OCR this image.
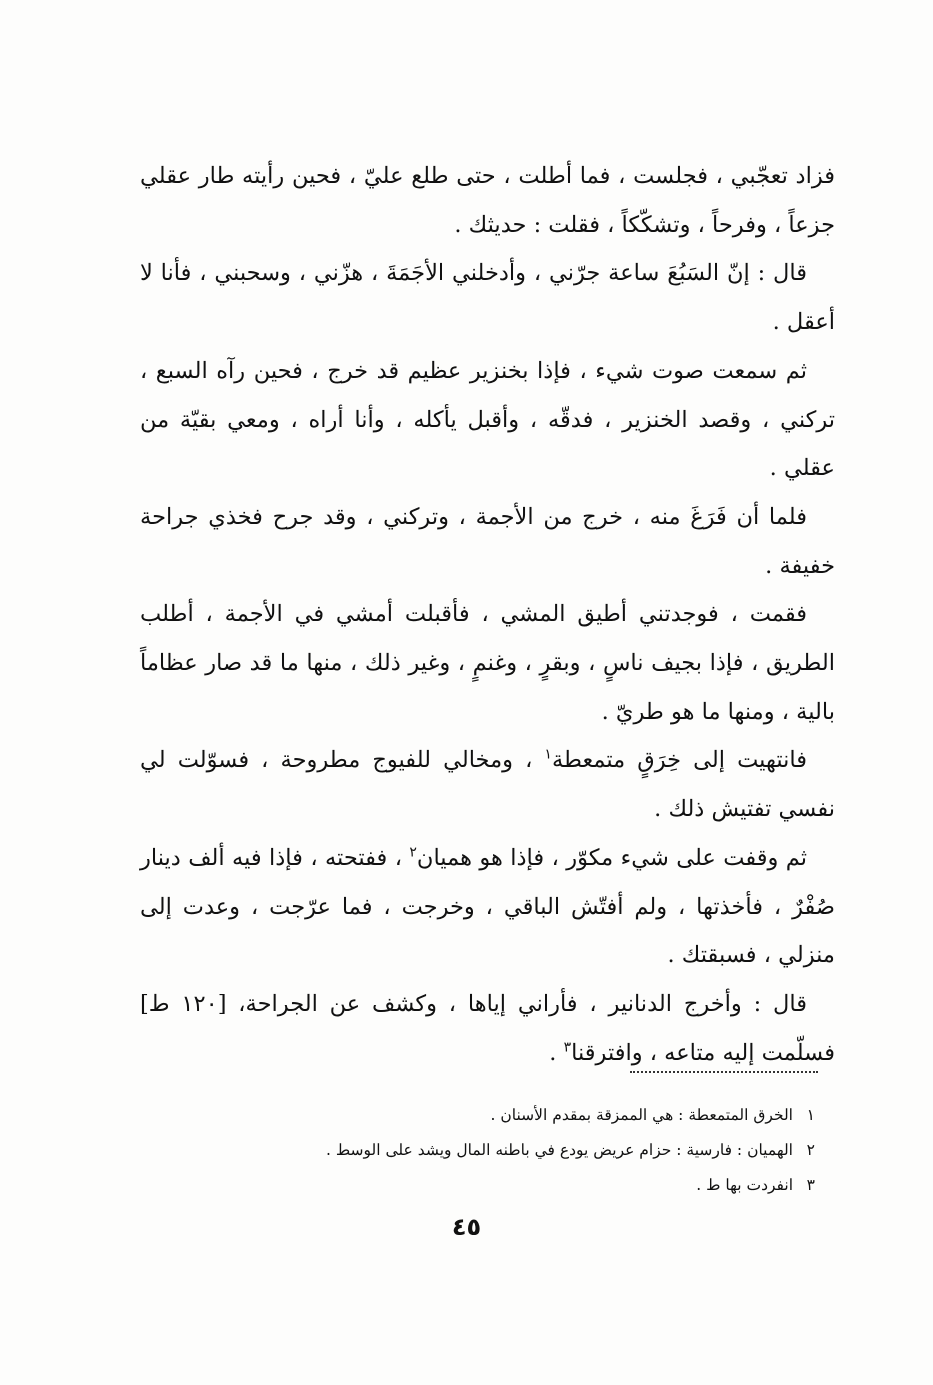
فزاد تعجّبي ، فجلست ، فما أطلت ، حتى طلع عليّ ، فحين رأيته طار عقلي جزعاً ، وفرحاً ، وتشكّكاً ، فقلت : حديثك .

قال : إنّ السَبُعَ ساعة جرّني ، وأدخلني الأجَمَةَ ، هزّني ، وسحبني ، فأنا لا أعقل .

ثم سمعت صوت شيء ، فإذا بخنزير عظيم قد خرج ، فحين رآه السبع ، تركني ، وقصد الخنزير ، فدقّه ، وأقبل يأكله ، وأنا أراه ، ومعي بقيّة من عقلي .

فلما أن فَرَغَ منه ، خرج من الأجمة ، وتركني ، وقد جرح فخذي جراحة خفيفة .

فقمت ، فوجدتني أطيق المشي ، فأقبلت أمشي في الأجمة ، أطلب الطريق ، فإذا بجيف ناسٍ ، وبقرٍ ، وغنمٍ ، وغير ذلك ، منها ما قد صار عظاماً بالية ، ومنها ما هو طريّ .

فانتهيت إلى خِرَقٍ متمعطة$^١$ ، ومخالي للفيوج مطروحة ، فسوّلت لي نفسي تفتيش ذلك .

ثم وقفت على شيء مكوّر ، فإذا هو هميان$^٢$ ، ففتحته ، فإذا فيه ألف دينار صُفْرٌ ، فأخذتها ، ولم أفتّش الباقي ، وخرجت ، فما عرّجت ، وعدت إلى منزلي ، فسبقتك .

قال : وأخرج الدنانير ، فأراني إياها ، وكشف عن الجراحة، [١٢٠ ط] فسلّمت إليه متاعه ، وافترقنا$^٣$ .

١الخرق المتمعطة : هي الممزقة بمقدم الأسنان .

٢الهميان : فارسية : حزام عريض يودع في باطنه المال ويشد على الوسط .

٣انفردت بها ط .

٤٥
